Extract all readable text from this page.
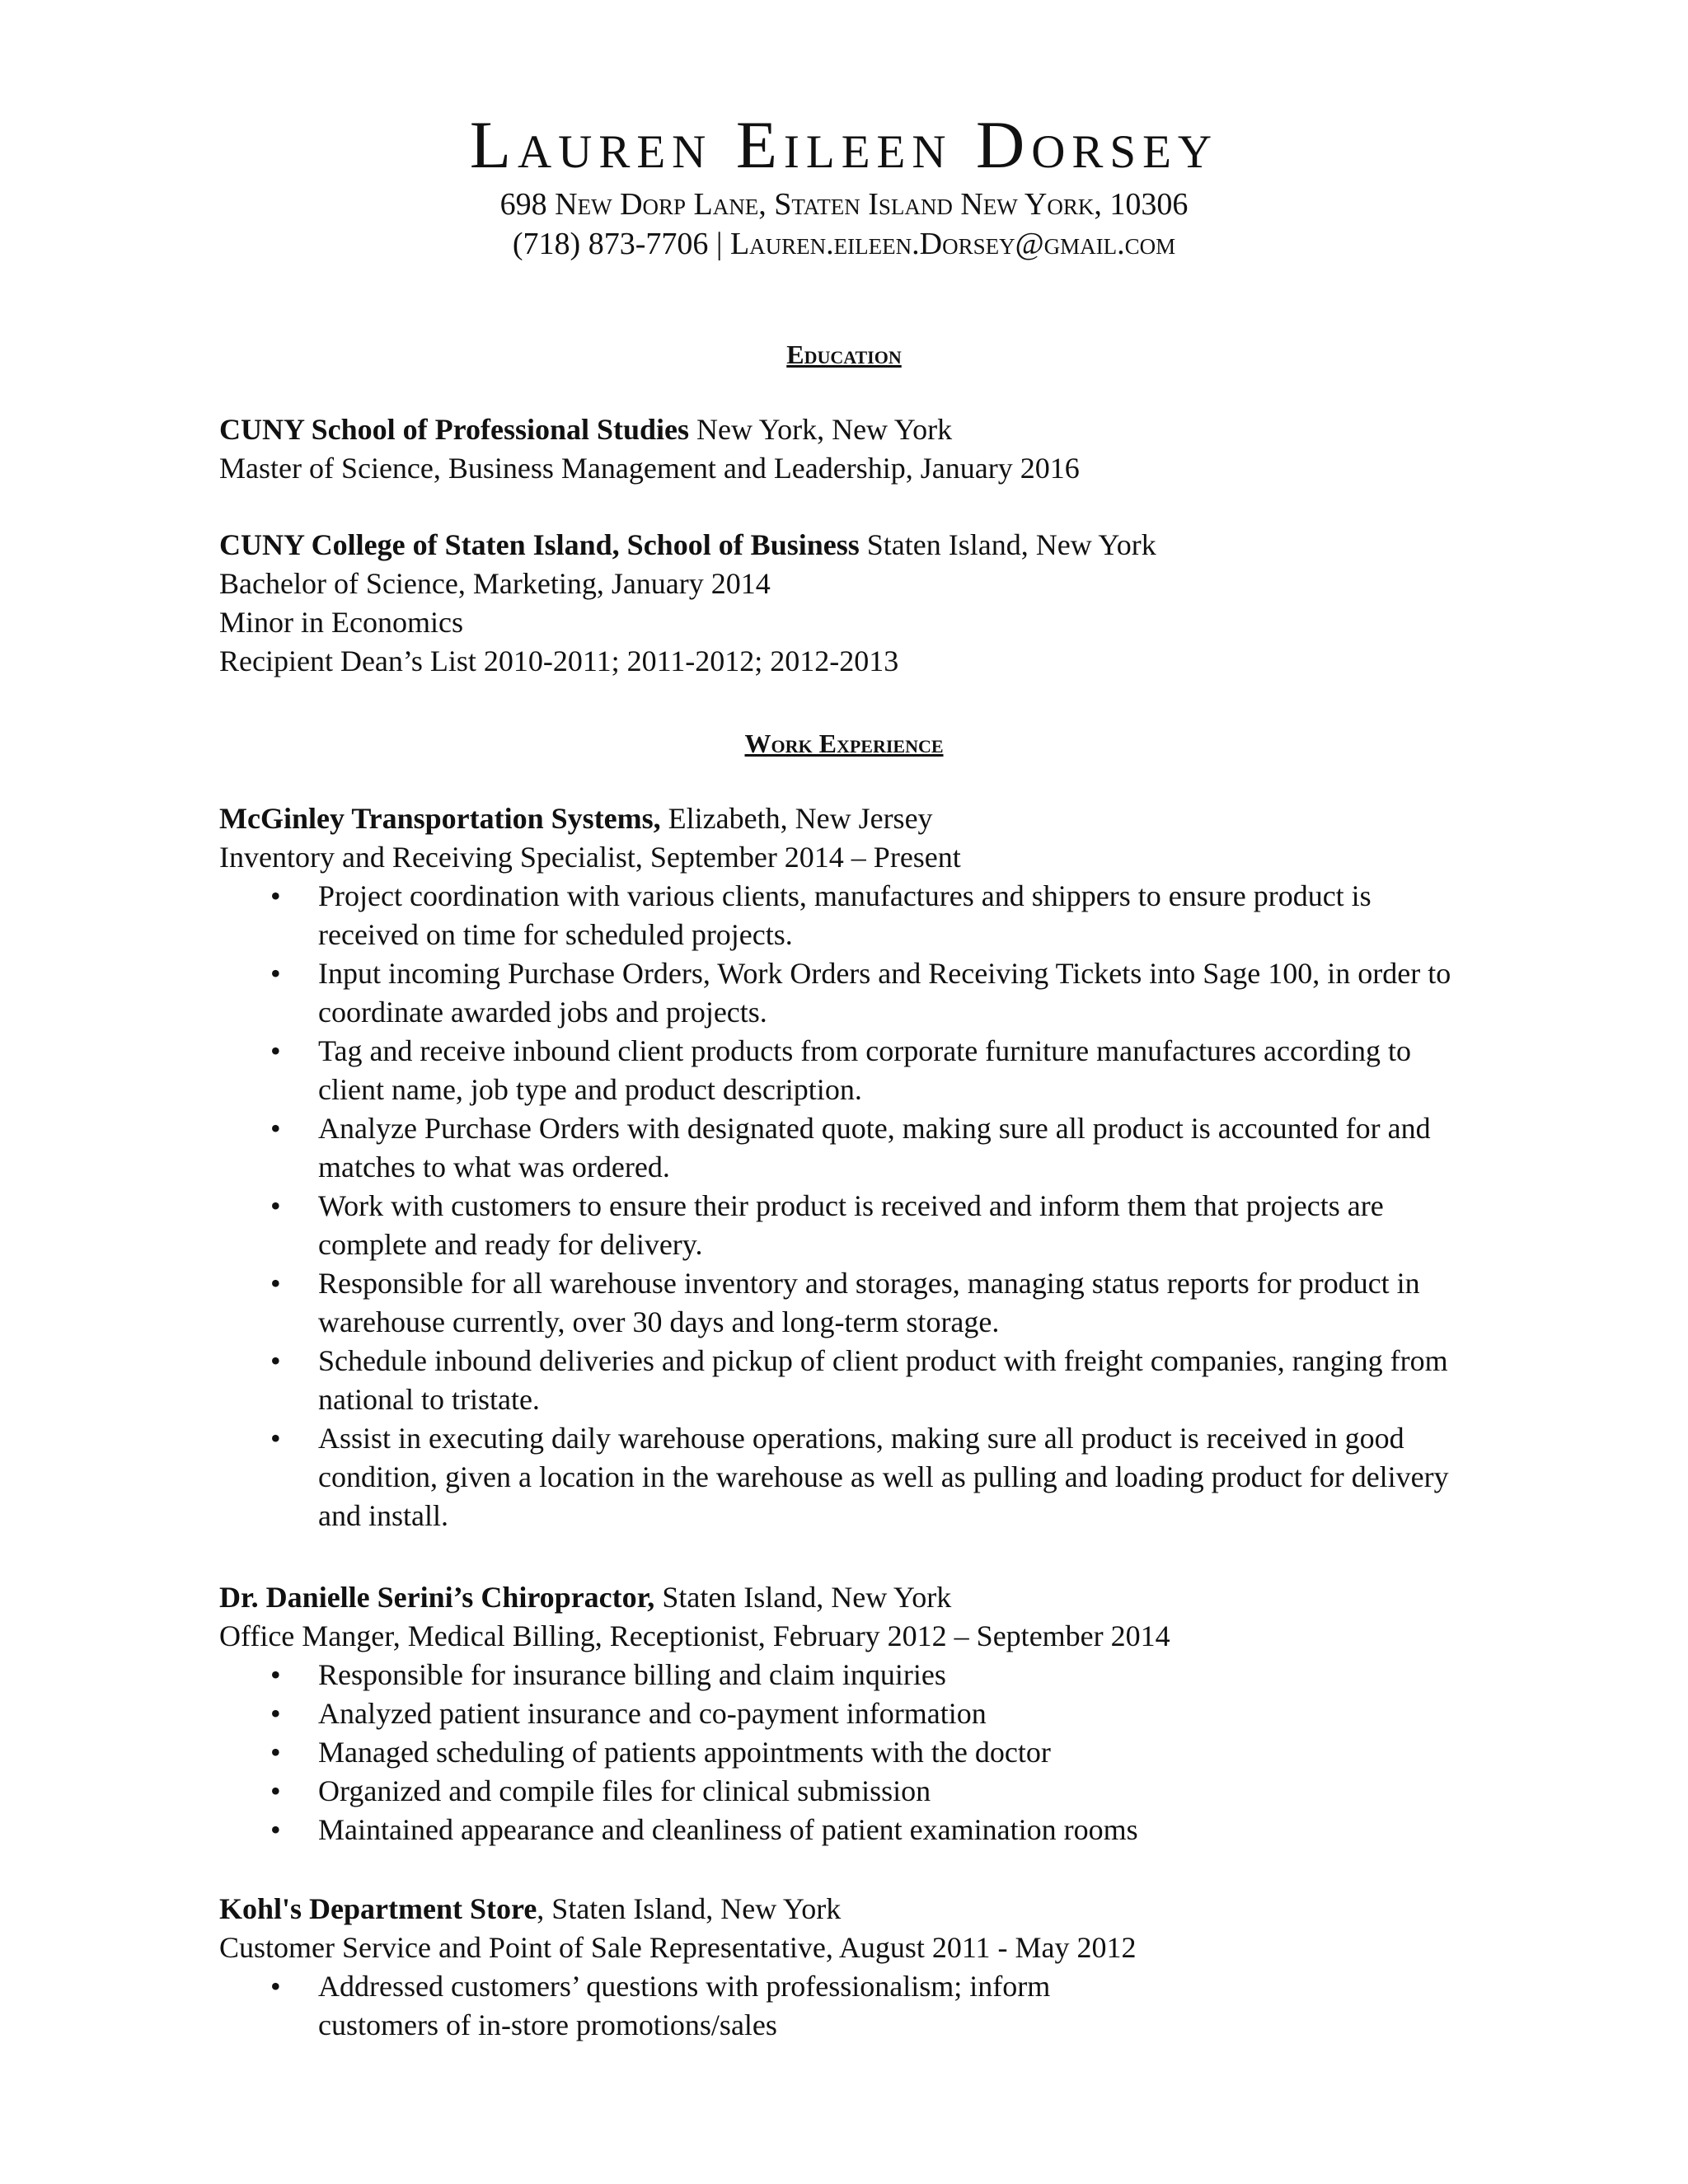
Lauren Eileen Dorsey

698 New Dorp Lane, Staten Island New York, 10306

(718) 873-7706 | Lauren.eileen.Dorsey@gmail.com

Education

CUNY School of Professional Studies New York, New York

Master of Science, Business Management and Leadership, January 2016

CUNY College of Staten Island, School of Business Staten Island, New York

Bachelor of Science, Marketing, January 2014

Minor in Economics

Recipient Dean’s List 2010-2011; 2011-2012; 2012-2013

Work Experience

McGinley Transportation Systems, Elizabeth, New Jersey

Inventory and Receiving Specialist, September 2014 – Present

• Project coordination with various clients, manufactures and shippers to ensure product is received on time for scheduled projects.
• Input incoming Purchase Orders, Work Orders and Receiving Tickets into Sage 100, in order to coordinate awarded jobs and projects.
• Tag and receive inbound client products from corporate furniture manufactures according to client name, job type and product description.
• Analyze Purchase Orders with designated quote, making sure all product is accounted for and matches to what was ordered.
• Work with customers to ensure their product is received and inform them that projects are complete and ready for delivery.
• Responsible for all warehouse inventory and storages, managing status reports for product in warehouse currently, over 30 days and long-term storage.
• Schedule inbound deliveries and pickup of client product with freight companies, ranging from national to tristate.
• Assist in executing daily warehouse operations, making sure all product is received in good condition, given a location in the warehouse as well as pulling and loading product for delivery and install.

Dr. Danielle Serini’s Chiropractor, Staten Island, New York

Office Manger, Medical Billing, Receptionist, February 2012 – September 2014

• Responsible for insurance billing and claim inquiries
• Analyzed patient insurance and co-payment information
• Managed scheduling of patients appointments with the doctor
• Organized and compile files for clinical submission
• Maintained appearance and cleanliness of patient examination rooms

Kohl's Department Store, Staten Island, New York

Customer Service and Point of Sale Representative, August 2011 - May 2012

• Addressed customers’ questions with professionalism; inform customers of in-store promotions/sales
